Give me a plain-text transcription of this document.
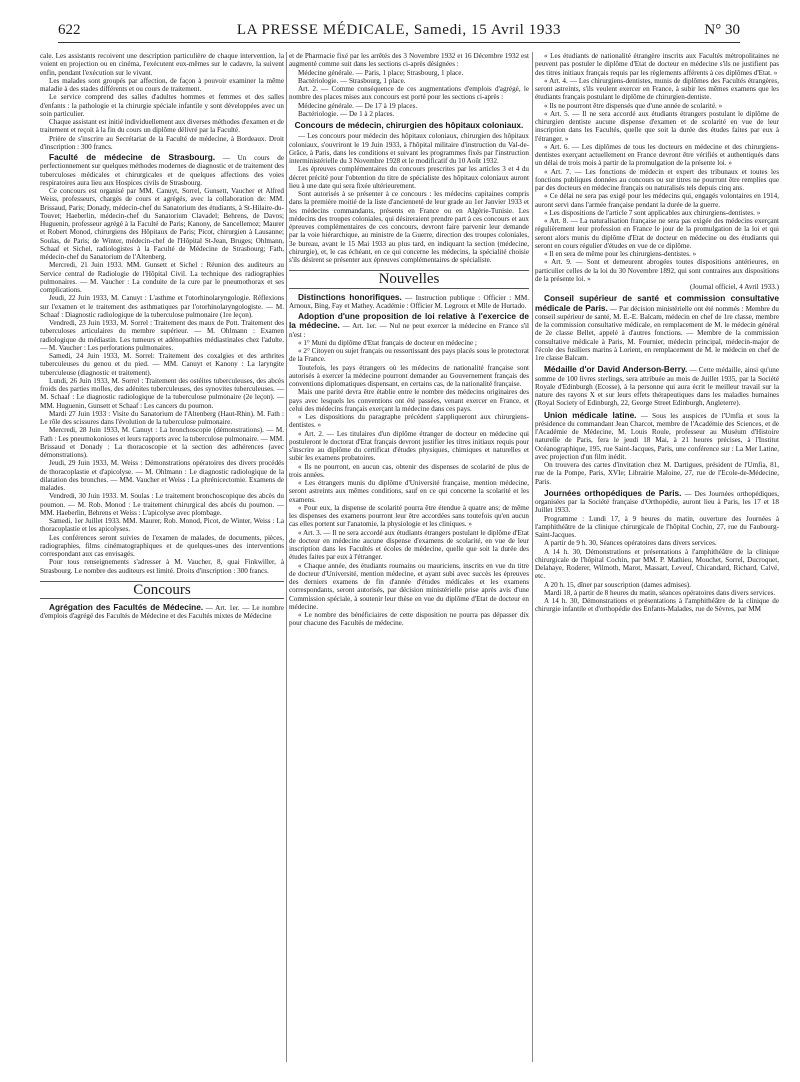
622	LA PRESSE MÉDICALE, Samedi, 15 Avril 1933	N° 30

cale. Les assistants recoivent une description particulière de chaque intervention, la voient en projection ou en cinéma, l'exécutent eux-mêmes sur le cadavre, la suivent enfin, pendant l'exécution sur le vivant.

Les malades sont groupés par affection, de façon à pouvoir examiner la même maladie à des stades différents et ou cours de traitement.

Le service comprend des salles d'adultes hommes et femmes et des salles d'enfants : la pathologie et la chirurgie spéciale infantile y sont développées avec un soin particulier.

Chaque assistant est initié individuellement aux diverses méthodes d'examen et de traitement et reçoit à la fin du cours un diplôme délivré par la Faculté.

Prière de s'inscrire au Secrétariat de la Faculté de médecine, à Bordeaux. Droit d'inscription : 300 francs.

Faculté de médecine de Strasbourg. — Un cours de perfectionnement sur quelques méthodes modernes de diagnostic et de traitement des tuberculoses médicales et chirurgicales et de quelques affections des voies respiratoires aura lieu aux Hospices civils de Strasbourg.

Ce concours est organisé par MM. Canuyt, Sorrel, Gunsett, Vaucher et Alfred Weiss, professeurs, chargés de cours et agrégés, avec la collaboration de: MM. Brissaud, Paris; Donady, médecin-chef du Sanatorium des étudiants, à St-Hilaire-du-Touvet; Haeberlin, médecin-chef du Sanatorium Clavadel; Behrens, de Davos; Huguenin, professeur agrégé à la Faculté de Paris; Kanony, de Sancellemoz; Maurer et Robert Monod, chirurgiens des Hôpitaux de Paris; Picot, chirurgien à Lausanne; Soulas, de Paris; de Winter, médecin-chef de l'Hôpital St-Jean, Bruges; Ohlmann, Schaaf et Sichel, radiologistes à la Faculté de Médecine de Strasbourg; Fath, médecin-chef du Sanatorium de l'Altenberg.

Mercredi, 21 Juin 1933. MM. Gunsett et Sichel : Réunion des auditeurs au Service central de Radiologie de l'Hôpital Civil. La technique des radiographies pulmonaires. — M. Vaucher : La conduite de la cure par le pneumothorax et ses complications.

Jeudi, 22 Juin 1933, M. Canuyt : L'asthme et l'otorhinolaryngologie. Réflexions sur l'examen et le traitement des asthmatiques par l'otorhinolaryngologiste. — M. Schaaf : Diagnostic radiologique de la tuberculose pulmonaire (1re leçon).

Vendredi, 23 Juin 1933, M. Sorrel : Traitement des maux de Pott. Traitement des tuberculoses articulaires du membre supérieur. — M. Ohlmann : Examen radiologique du médiastin. Les tumeurs et adénopathies médiastinales chez l'adulte. — M. Vaucher : Les perforations pulmonaires.

Samedi, 24 Juin 1933, M. Sorrel: Traitement des coxalgies et des arthrites tuberculeuses du genou et du pied. — MM. Canuyt et Kanony : La laryngite tuberculeuse (diagnostic et traitement).

Lundi, 26 Juin 1933, M. Sorrel : Traitement des ostéites tuberculeuses, des abcès froids des parties molles, des adénites tuberculeuses, des synovites tuberculeuses. — M. Schaaf : Le diagnostic radiologique de la tuberculose pulmonaire (2e leçon). — MM. Huguenin, Gunsett et Schaaf : Les cancers du poumon.

Mardi 27 Juin 1933 : Visite du Sanatorium de l'Altenberg (Haut-Rhin). M. Fath : Le rôle des scissures dans l'évolution de la tuberculose pulmonaire.

Mercredi, 28 Juin 1933, M. Canuyt : La bronchoscopie (démonstrations). — M. Fath : Les pneumokonioses et leurs rapports avec la tuberculose pulmonaire. — MM. Brissaud et Donady : La thoracoscopie et la section des adhérences (avec démonstrations).

Jeudi, 29 Juin 1933, M. Weiss : Démonstrations opératoires des divers procédés de thoracoplastie et d'apicolyse. — M. Ohlmann : Le diagnostic radiologique de la dilatation des bronches. — MM. Vaucher et Weiss : La phrénicectomie. Examens de malades.

Vendredi, 30 Juin 1933. M. Soulas : Le traitement bronchoscopique des abcès du poumon. — M. Rob. Monod : Le traitement chirurgical des abcès du poumon. — MM. Haeberlin, Behrens et Weiss : L'apicolyse avec plombage.

Samedi, 1er Juillet 1933. MM. Maurer, Rob. Monod, Picot, de Winter, Weiss : La thoracoplastie et les apicolyses.

Les conférences seront suivies de l'examen de malades, de documents, pièces, radiographies, films cinématographiques et de quelques-unes des interventions correspondant aux cas envisagés.

Pour tous renseignements s'adresser à M. Vaucher, 8, quai Finkwiller, à Strasbourg. Le nombre des auditeurs est limité. Droits d'inscription : 300 francs.

Concours

Agrégation des Facultés de Médecine. — Art. 1er. — Le nombre d'emplois d'agrégé des Facultés de Médecine et des Facultés mixtes de Médecine

et de Pharmacie fixé par les arrêtés des 3 Novembre 1932 et 16 Décembre 1932 est augmenté comme suit dans les sections ci-après désignées :

Médecine générale. — Paris, 1 place; Strasbourg, 1 place.

Bactériologie. — Strasbourg, 1 place.

Art. 2. — Comme conséquence de ces augmentations d'emplois d'agrégé, le nombre des places mises aux concours est porté pour les sections ci-après :

Médecine générale. — De 17 à 19 places.

Bactériologie. — De 1 à 2 places.

Concours de médecin, chirurgien des hôpitaux coloniaux.

— Les concours pour médecin des hôpitaux coloniaux, chirurgien des hôpitaux coloniaux, s'ouvriront le 19 Juin 1933, à l'hôpital militaire d'instruction du Val-de-Grâce, à Paris, dans les conditions et suivant les programmes fixés par l'instruction interministérielle du 3 Novembre 1928 et le modificatif du 10 Août 1932.

Les épreuves complémentaires du concours prescrites par les articles 3 et 4 du décret précité pour l'obtention du titre de spécialiste des hôpitaux coloniaux auront lieu à une date qui sera fixée ultérieurement.

Sont autorisés à se présenter à ce concours : les médecins capitaines compris dans la première moitié de la liste d'ancienneté de leur grade au 1er Janvier 1933 et les médecins commandants, présents en France ou en Algérie-Tunisie. Les médecins des troupes coloniales, qui désireraient prendre part à ces concours et aux épreuves complémentaires de ces concours, devront faire parvenir leur demande par la voie hiérarchique, au ministre de la Guerre, direction des troupes coloniales, 3e bureau, avant le 15 Mai 1933 au plus tard, en indiquant la section (médecine, chirurgie), et, le cas échéant, en ce qui concerne les médecins, la spécialité choisie s'ils désirent se présenter aux épreuves complémentaires de spécialiste.

Nouvelles

Distinctions honorifiques. — Instruction publique : Officier : MM. Arnoux, Bing, Fay et Mathey. Académie : Officier M. Legroux et Mlle de Hurtado.

Adoption d'une proposition de loi relative à l'exercice de la médecine. — Art. 1er. — Nul ne peut exercer la médecine en France s'il n'est :

« 1° Muni du diplôme d'Etat français de docteur en médecine ;

« 2° Citoyen ou sujet français ou ressortissant des pays placés sous le protectorat de la France.

Toutefois, les pays étrangers où les médecins de nationalité française sont autorisés à exercer la médecine pourront demander au Gouvernement français des conventions diplomatiques dispensant, en certains cas, de la nationalité française.

Mais une parité devra être établie entre le nombre des médecins originaires des pays avec lesquels les conventions ont été passées, venant exercer en France, et celui des médecins français exerçant la médecine dans ces pays.

« Les dispositions du paragraphe précédent s'appliqueront aux chirurgiens-dentistes. »

« Art. 2. — Les titulaires d'un diplôme étranger de docteur en médecine qui postuleront le doctorat d'Etat français devront justifier les titres initiaux requis pour s'inscrire au diplôme du certificat d'études physiques, chimiques et naturelles et subir les examens probatoires.

« Ils ne pourront, en aucun cas, obtenir des dispenses de scolarité de plus de trois années.

« Les étrangers munis du diplôme d'Université française, mention médecine, seront astreints aux mêmes conditions, sauf en ce qui concerne la scolarité et les examens.

« Pour eux, la dispense de scolarité pourra être étendue à quatre ans; de même les dispenses des examens pourront leur être accordées sans toutefois qu'en aucun cas elles portent sur l'anatomie, la physiologie et les cliniques. »

« Art. 3. — Il ne sera accordé aux étudiants étrangers postulant le diplôme d'Etat de docteur en médecine aucune dispense d'examens de scolarité, en vue de leur inscription dans les Facultés et écoles de médecine, quelle que soit la durée des études faites par eux à l'étranger.

« Chaque année, des étudiants roumains ou mauriciens, inscrits en vue du titre de docteur d'Université, mention médecine, et ayant subi avec succès les épreuves des derniers examens de fin d'année d'études médicales et les examens correspondants, seront autorisés, par décision ministérielle prise après avis d'une Commission spéciale, à soutenir leur thèse en vue du diplôme d'Etat de docteur en médecine.

« Le nombre des bénéficiaires de cette disposition ne pourra pas dépasser dix pour chacune des Facultés de médecine.

« Les étudiants de nationalité étrangère inscrits aux Facultés métropolitaines ne peuvent pas postuler le diplôme d'Etat de docteur en médecine s'ils ne justifient pas des titres initiaux français requis par les règlements afférents à ces diplômes d'Etat. »

« Art. 4. — Les chirurgiens-dentistes, munis de diplômes des Facultés étrangères, seront astreints, s'ils veulent exercer en France, à subir les mêmes examens que les étudiants français postulant le diplôme de chirurgien-dentiste.

« Ils ne pourront être dispensés que d'une année de scolarité. »

« Art. 5. — Il ne sera accordé aux étudiants étrangers postulant le diplôme de chirurgien dentiste aucune dispense d'examen et de scolarité en vue de leur inscription dans les Facultés, quelle que soit la durée des études faites par eux à l'étranger. »

« Art. 6. — Les diplômes de tous les docteurs en médecine et des chirurgiens-dentistes exerçant actuellement en France devront être vérifiés et authentiqués dans un délai de trois mois à partir de la promulgation de la présente loi. »

« Art. 7. — Les fonctions de médecin et expert des tribunaux et toutes les fonctions publiques données au concours ou sur titres ne pourront être remplies que par des docteurs en médecine français ou naturalisés tels depuis cinq ans.

« Ce délai ne sera pas exigé pour les médecins qui, engagés volontaires en 1914, auront servi dans l'armée française pendant la durée de la guerre.

« Les dispositions de l'article 7 sont applicables aux chirurgiens-dentistes. »

« Art. 8. — La naturalisation française ne sera pas exigée des médecins exerçant régulièrement leur profession en France le jour de la promulgation de la loi et qui seront alors munis du diplôme d'Etat de docteur en médecine ou des étudiants qui seront en cours régulier d'études en vue de ce diplôme.

« Il en sera de même pour les chirurgiens-dentistes. »

« Art. 9. — Sont et demeurent abrogées toutes dispositions antérieures, en particulier celles de la loi du 30 Novembre 1892, qui sont contraires aux dispositions de la présente loi. »

(Journal officiel, 4 Avril 1933.)

Conseil supérieur de santé et commission consultative médicale de Paris. — Par décision ministérielle ont été nommés : Membre du conseil supérieur de santé, M. E.-E. Balcam, médecin en chef de 1re classe, membre de la commission consultative médicale, en remplacement de M. le médecin général de 2e classe Bellet, appelé à d'autres fonctions. — Membre de la commission consultative médicale à Paris, M. Fournier, médecin principal, médecin-major de l'école des fusiliers marins à Lorient, en remplacement de M. le médecin en chef de 1re classe Balcam.

Médaille d'or David Anderson-Berry. — Cette médaille, ainsi qu'une somme de 100 livres sterlings, sera attribuée au mois de Juillet 1935, par la Société Royale d'Edinburgh (Ecosse), à la personne qui aura écrit le meilleur travail sur la nature des rayons X et sur leurs effets thérapeutiques dans les maladies humaines (Royal Society of Edinburgh, 22, George Street Edinburgh, Angleterre).

Union médicale latine. — Sous les auspices de l'Umfia et sous la présidence du commandant Jean Charcot, membre de l'Académie des Sciences, et de l'Académie de Médecine, M. Louis Roule, professeur au Muséum d'Histoire naturelle de Paris, fera le jeudi 18 Mai, à 21 heures précises, à l'Institut Océanographique, 195, rue Saint-Jacques, Paris, une conférence sur : La Mer Latine, avec projection d'un film inédit.

On trouvera des cartes d'invitation chez M. Dartigues, président de l'Umfia, 81, rue de la Pompe, Paris, XVIe; Librairie Maloine, 27, rue de l'Ecole-de-Médecine, Paris.

Journées orthopédiques de Paris. — Des Journées orthopédiques, organisées par la Société française d'Orthopédie, auront lieu à Paris, les 17 et 18 Juillet 1933.

Programme : Lundi 17, à 9 heures du matin, ouverture des Journées à l'amphithéâtre de la clinique chirurgicale de l'hôpital Cochin, 27, rue du Faubourg-Saint-Jacques.

A partir de 9 h. 30, Séances opératoires dans divers services.

A 14 h. 30, Démonstrations et présentations à l'amphithéâtre de la clinique chirurgicale de l'hôpital Cochin, par MM. P. Mathieu, Mouchet, Sorrel, Ducroquet, Delahaye, Roderer, Wilmoth, Marot, Massart, Leveuf, Chicandard, Richard, Calvé, etc.

A 20 h. 15, dîner par souscription (dames admises).

Mardi 18, à partir de 8 heures du matin, séances opératoires dans divers services.

A 14 h. 30, Démonstrations et présentations à l'amphithéâtre de la clinique de chirurgie infantile et d'orthopédie des Enfants-Malades, rue de Sèvres, par MM
